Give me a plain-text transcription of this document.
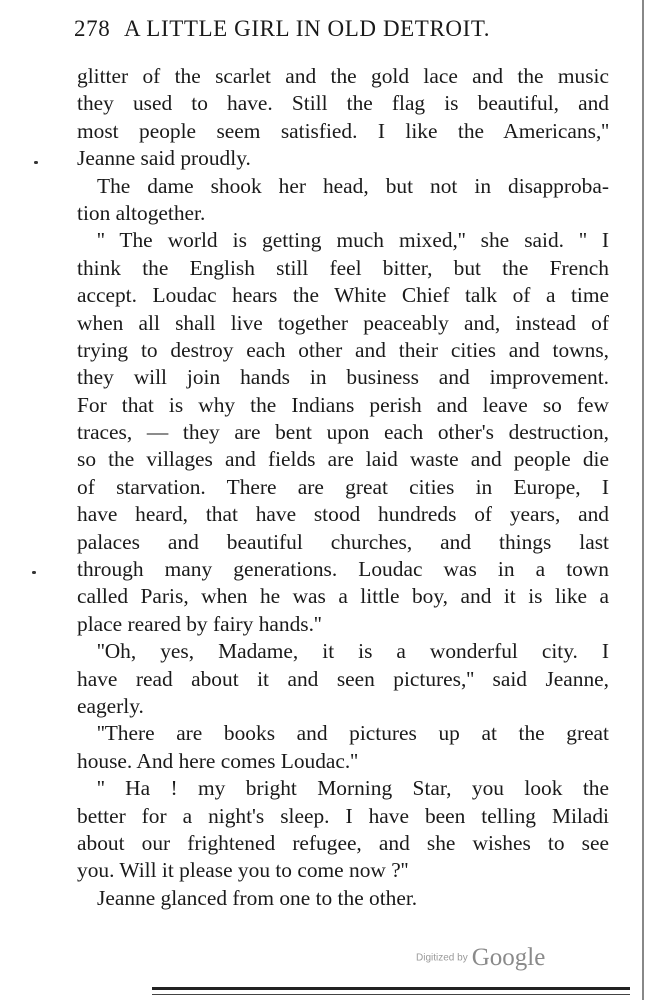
278 A LITTLE GIRL IN OLD DETROIT.
glitter of the scarlet and the gold lace and the music
they used to have. Still the flag is beautiful, and
most people seem satisfied. I like the Americans,''
Jeanne said proudly.
The dame shook her head, but not in disapproba-
tion altogether.
'' The world is getting much mixed,'' she said. '' I
think the English still feel bitter, but the French
accept. Loudac hears the White Chief talk of a time
when all shall live together peaceably and, instead of
trying to destroy each other and their cities and towns,
they will join hands in business and improvement.
For that is why the Indians perish and leave so few
traces, — they are bent upon each other's destruction,
so the villages and fields are laid waste and people die
of starvation. There are great cities in Europe, I
have heard, that have stood hundreds of years, and
palaces and beautiful churches, and things last
through many generations. Loudac was in a town
called Paris, when he was a little boy, and it is like a
place reared by fairy hands.''
''Oh, yes, Madame, it is a wonderful city. I
have read about it and seen pictures,'' said Jeanne,
eagerly.
''There are books and pictures up at the great
house. And here comes Loudac.''
'' Ha ! my bright Morning Star, you look the
better for a night's sleep. I have been telling Miladi
about our frightened refugee, and she wishes to see
you. Will it please you to come now ?''
Jeanne glanced from one to the other.
Digitized by Google
